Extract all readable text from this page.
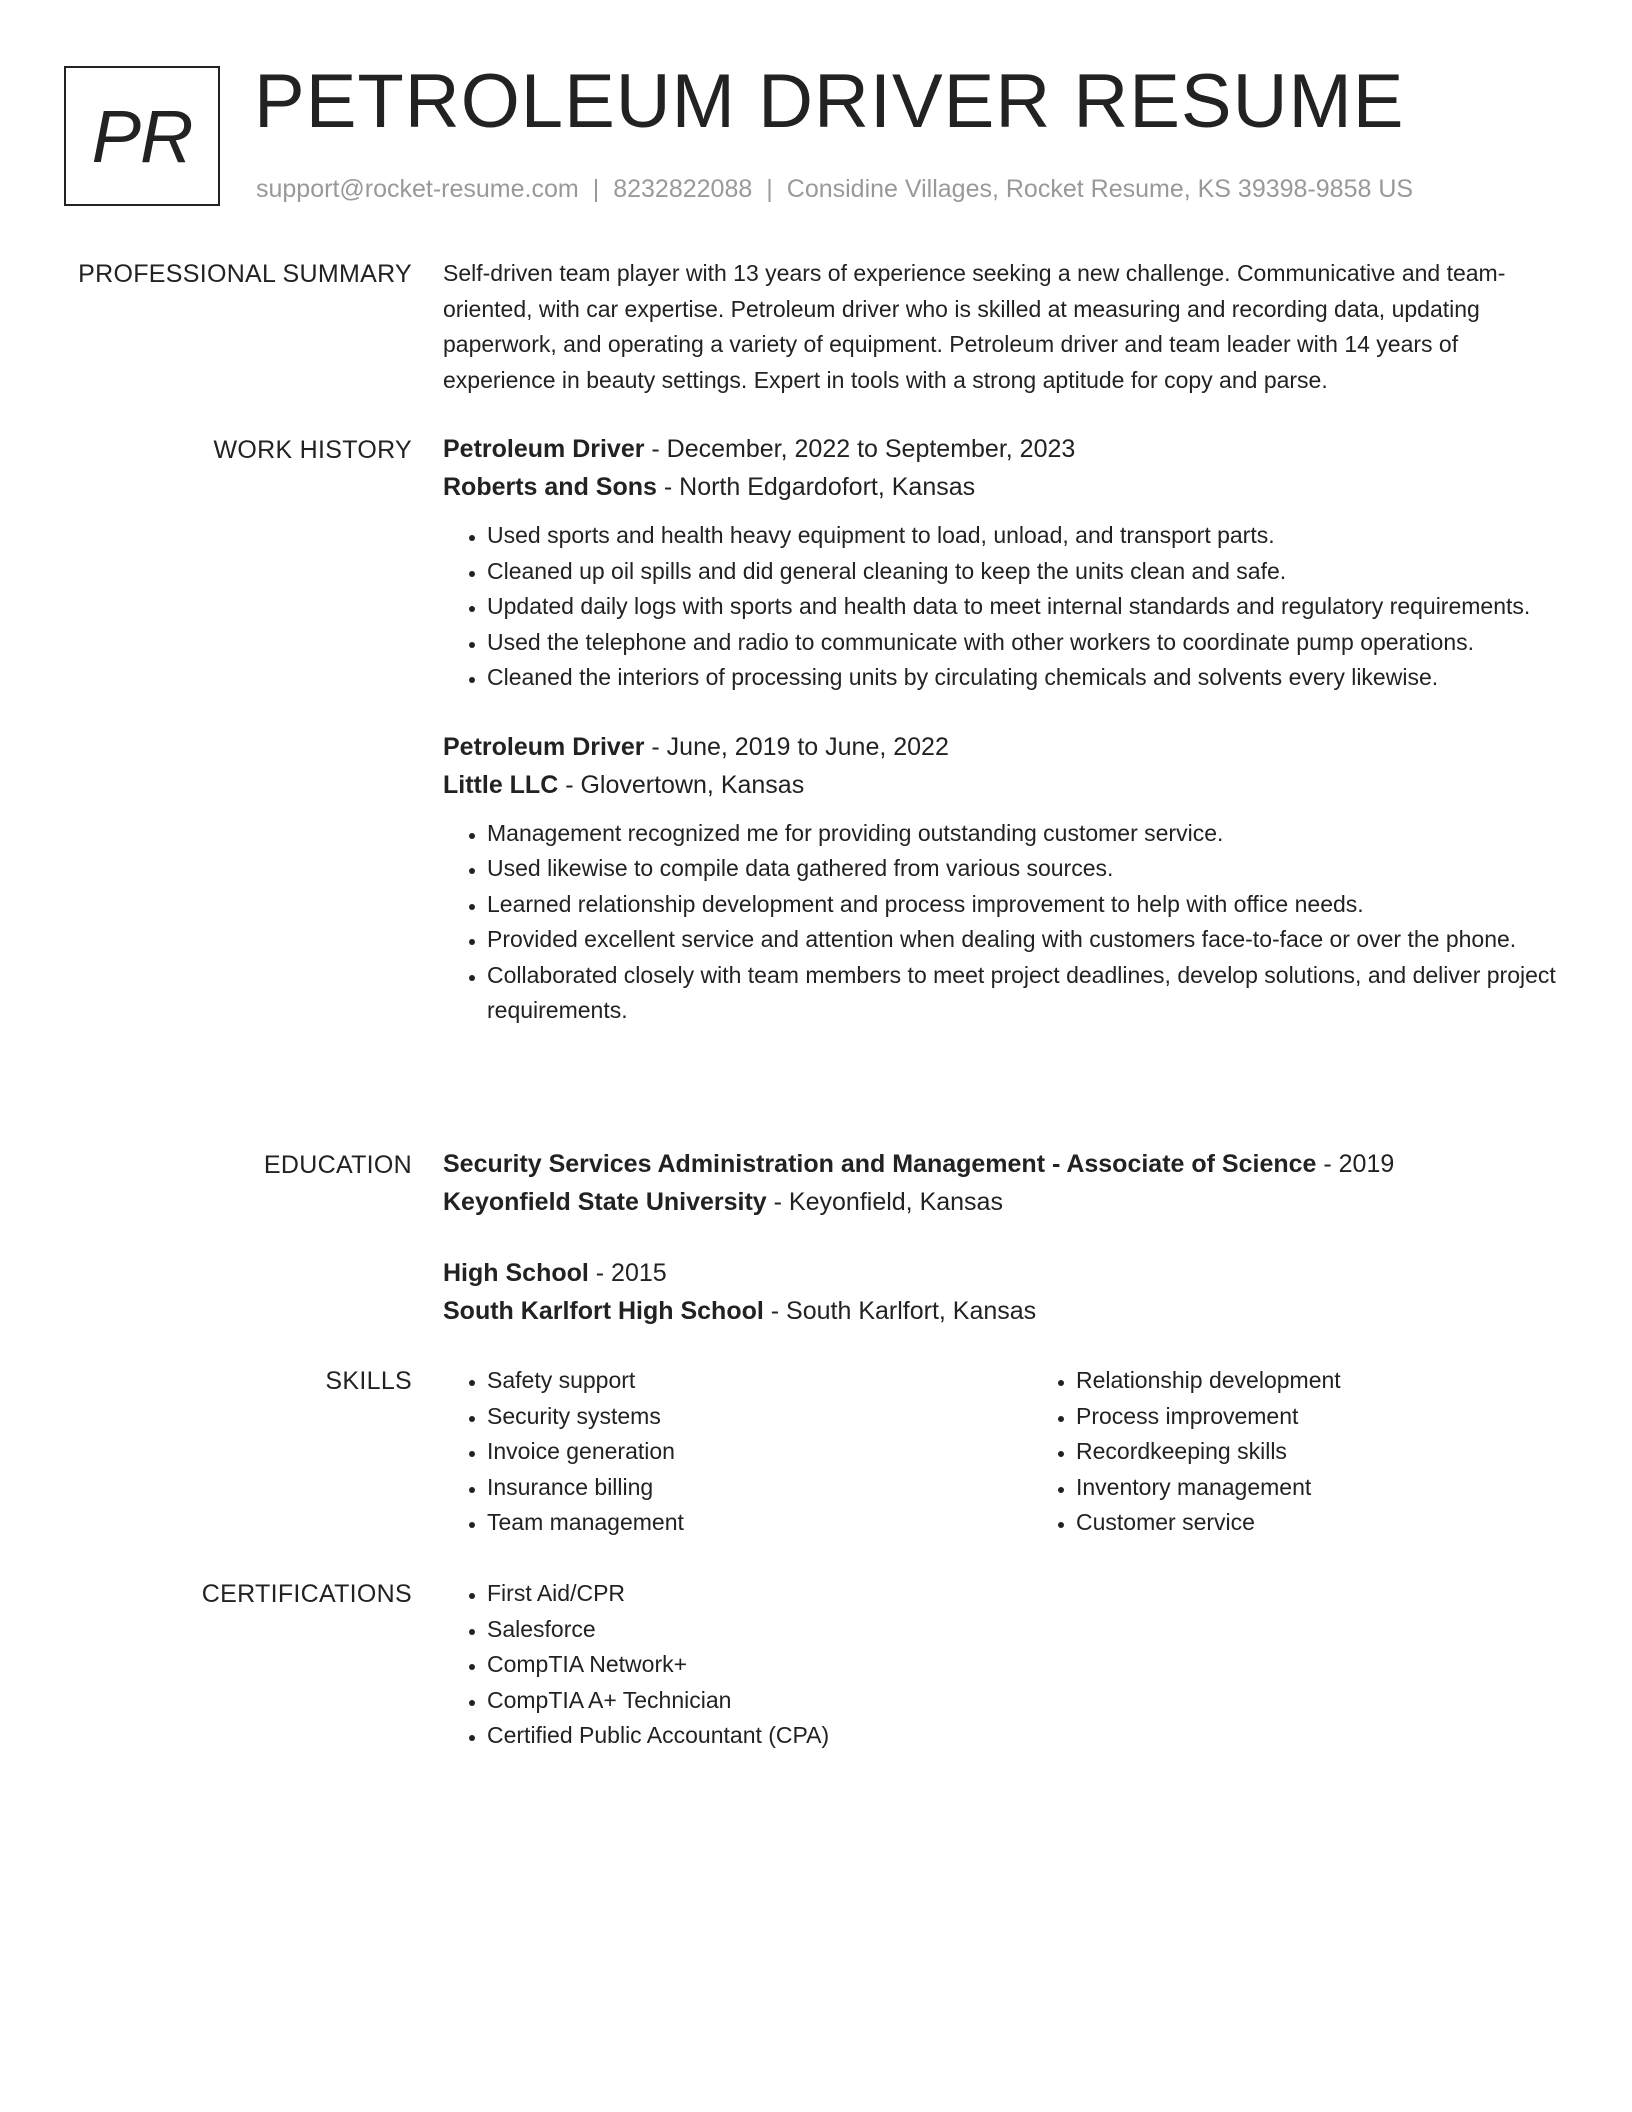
PR PETROLEUM DRIVER RESUME
support@rocket-resume.com | 8232822088 | Considine Villages, Rocket Resume, KS 39398-9858 US
PROFESSIONAL SUMMARY Self-driven team player with 13 years of experience seeking a new challenge. Communicative and team-oriented, with car expertise. Petroleum driver who is skilled at measuring and recording data, updating paperwork, and operating a variety of equipment. Petroleum driver and team leader with 14 years of experience in beauty settings. Expert in tools with a strong aptitude for copy and parse.

WORK HISTORY Petroleum Driver - December, 2022 to September, 2023

Roberts and Sons - North Edgardofort, Kansas

• Used sports and health heavy equipment to load, unload, and transport parts.
• Cleaned up oil spills and did general cleaning to keep the units clean and safe.
• Updated daily logs with sports and health data to meet internal standards and regulatory requirements.
• Used the telephone and radio to communicate with other workers to coordinate pump operations.
• Cleaned the interiors of processing units by circulating chemicals and solvents every likewise.

Petroleum Driver - June, 2019 to June, 2022

Little LLC - Glovertown, Kansas

• Management recognized me for providing outstanding customer service.
• Used likewise to compile data gathered from various sources.
• Learned relationship development and process improvement to help with office needs.
• Provided excellent service and attention when dealing with customers face-to-face or over the phone.
• Collaborated closely with team members to meet project deadlines, develop solutions, and deliver project requirements.
EDUCATION Security Services Administration and Management - Associate of Science - 2019

Keyonfield State University - Keyonfield, Kansas

High School - 2015

South Karlfort High School - South Karlfort, Kansas

SKILLS	• Safety support
• Security systems
• Invoice generation
• Insurance billing
• Team management
• Relationship development
• Process improvement
• Recordkeeping skills
• Inventory management
• Customer service
CERTIFICATIONS	• First Aid/CPR
• Salesforce
• CompTIA Network+
• CompTIA A+ Technician
• Certified Public Accountant (CPA)
